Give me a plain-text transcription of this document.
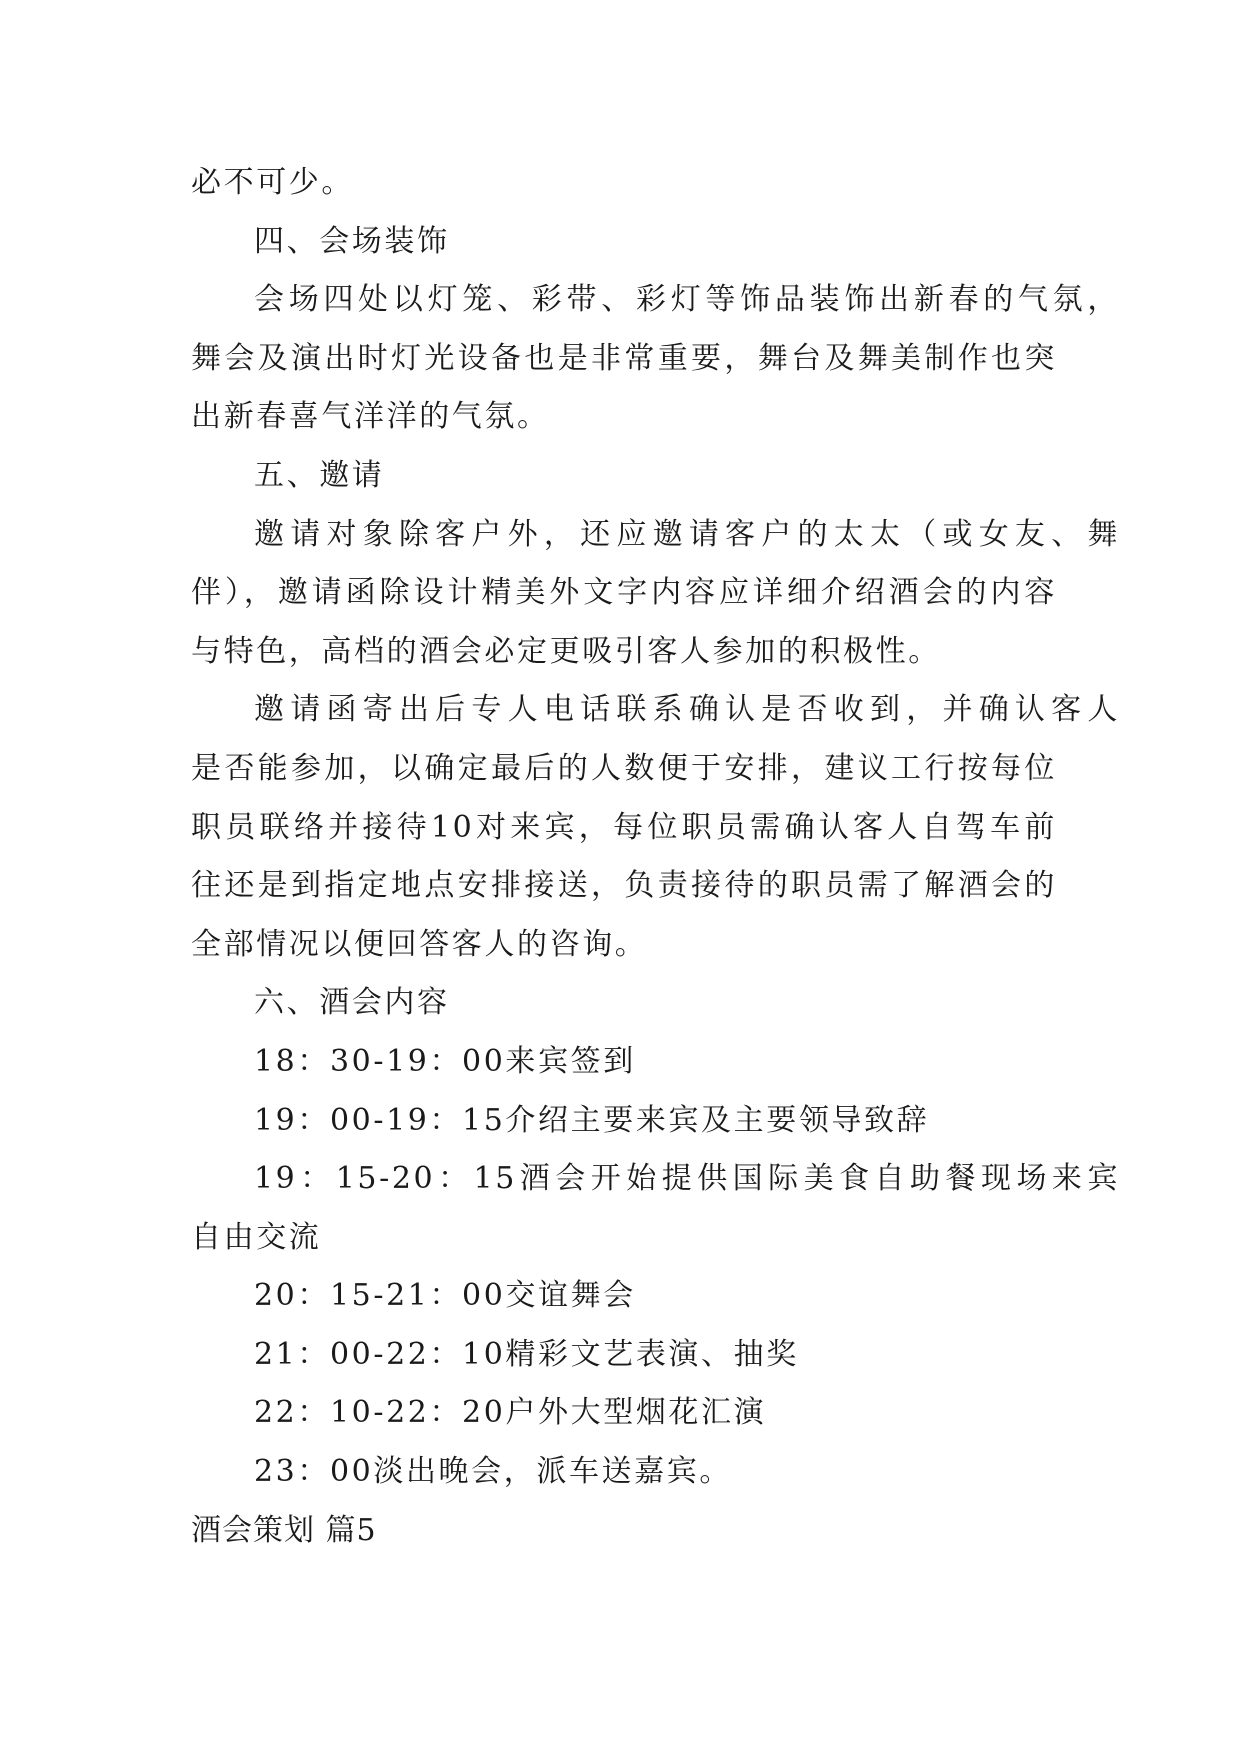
必不可少。
四、会场装饰
会场四处以灯笼、彩带、彩灯等饰品装饰出新春的气氛，
舞会及演出时灯光设备也是非常重要，舞台及舞美制作也突
出新春喜气洋洋的气氛。
五、邀请
邀请对象除客户外，还应邀请客户的太太（或女友、舞
伴），邀请函除设计精美外文字内容应详细介绍酒会的内容
与特色，高档的酒会必定更吸引客人参加的积极性。
邀请函寄出后专人电话联系确认是否收到，并确认客人
是否能参加，以确定最后的人数便于安排，建议工行按每位
职员联络并接待10对来宾，每位职员需确认客人自驾车前
往还是到指定地点安排接送，负责接待的职员需了解酒会的
全部情况以便回答客人的咨询。
六、酒会内容
18：30-19：00来宾签到
19：00-19：15介绍主要来宾及主要领导致辞
19：15-20：15酒会开始提供国际美食自助餐现场来宾
自由交流
20：15-21：00交谊舞会
21：00-22：10精彩文艺表演、抽奖
22：10-22：20户外大型烟花汇演
23：00淡出晚会，派车送嘉宾。
酒会策划 篇5
